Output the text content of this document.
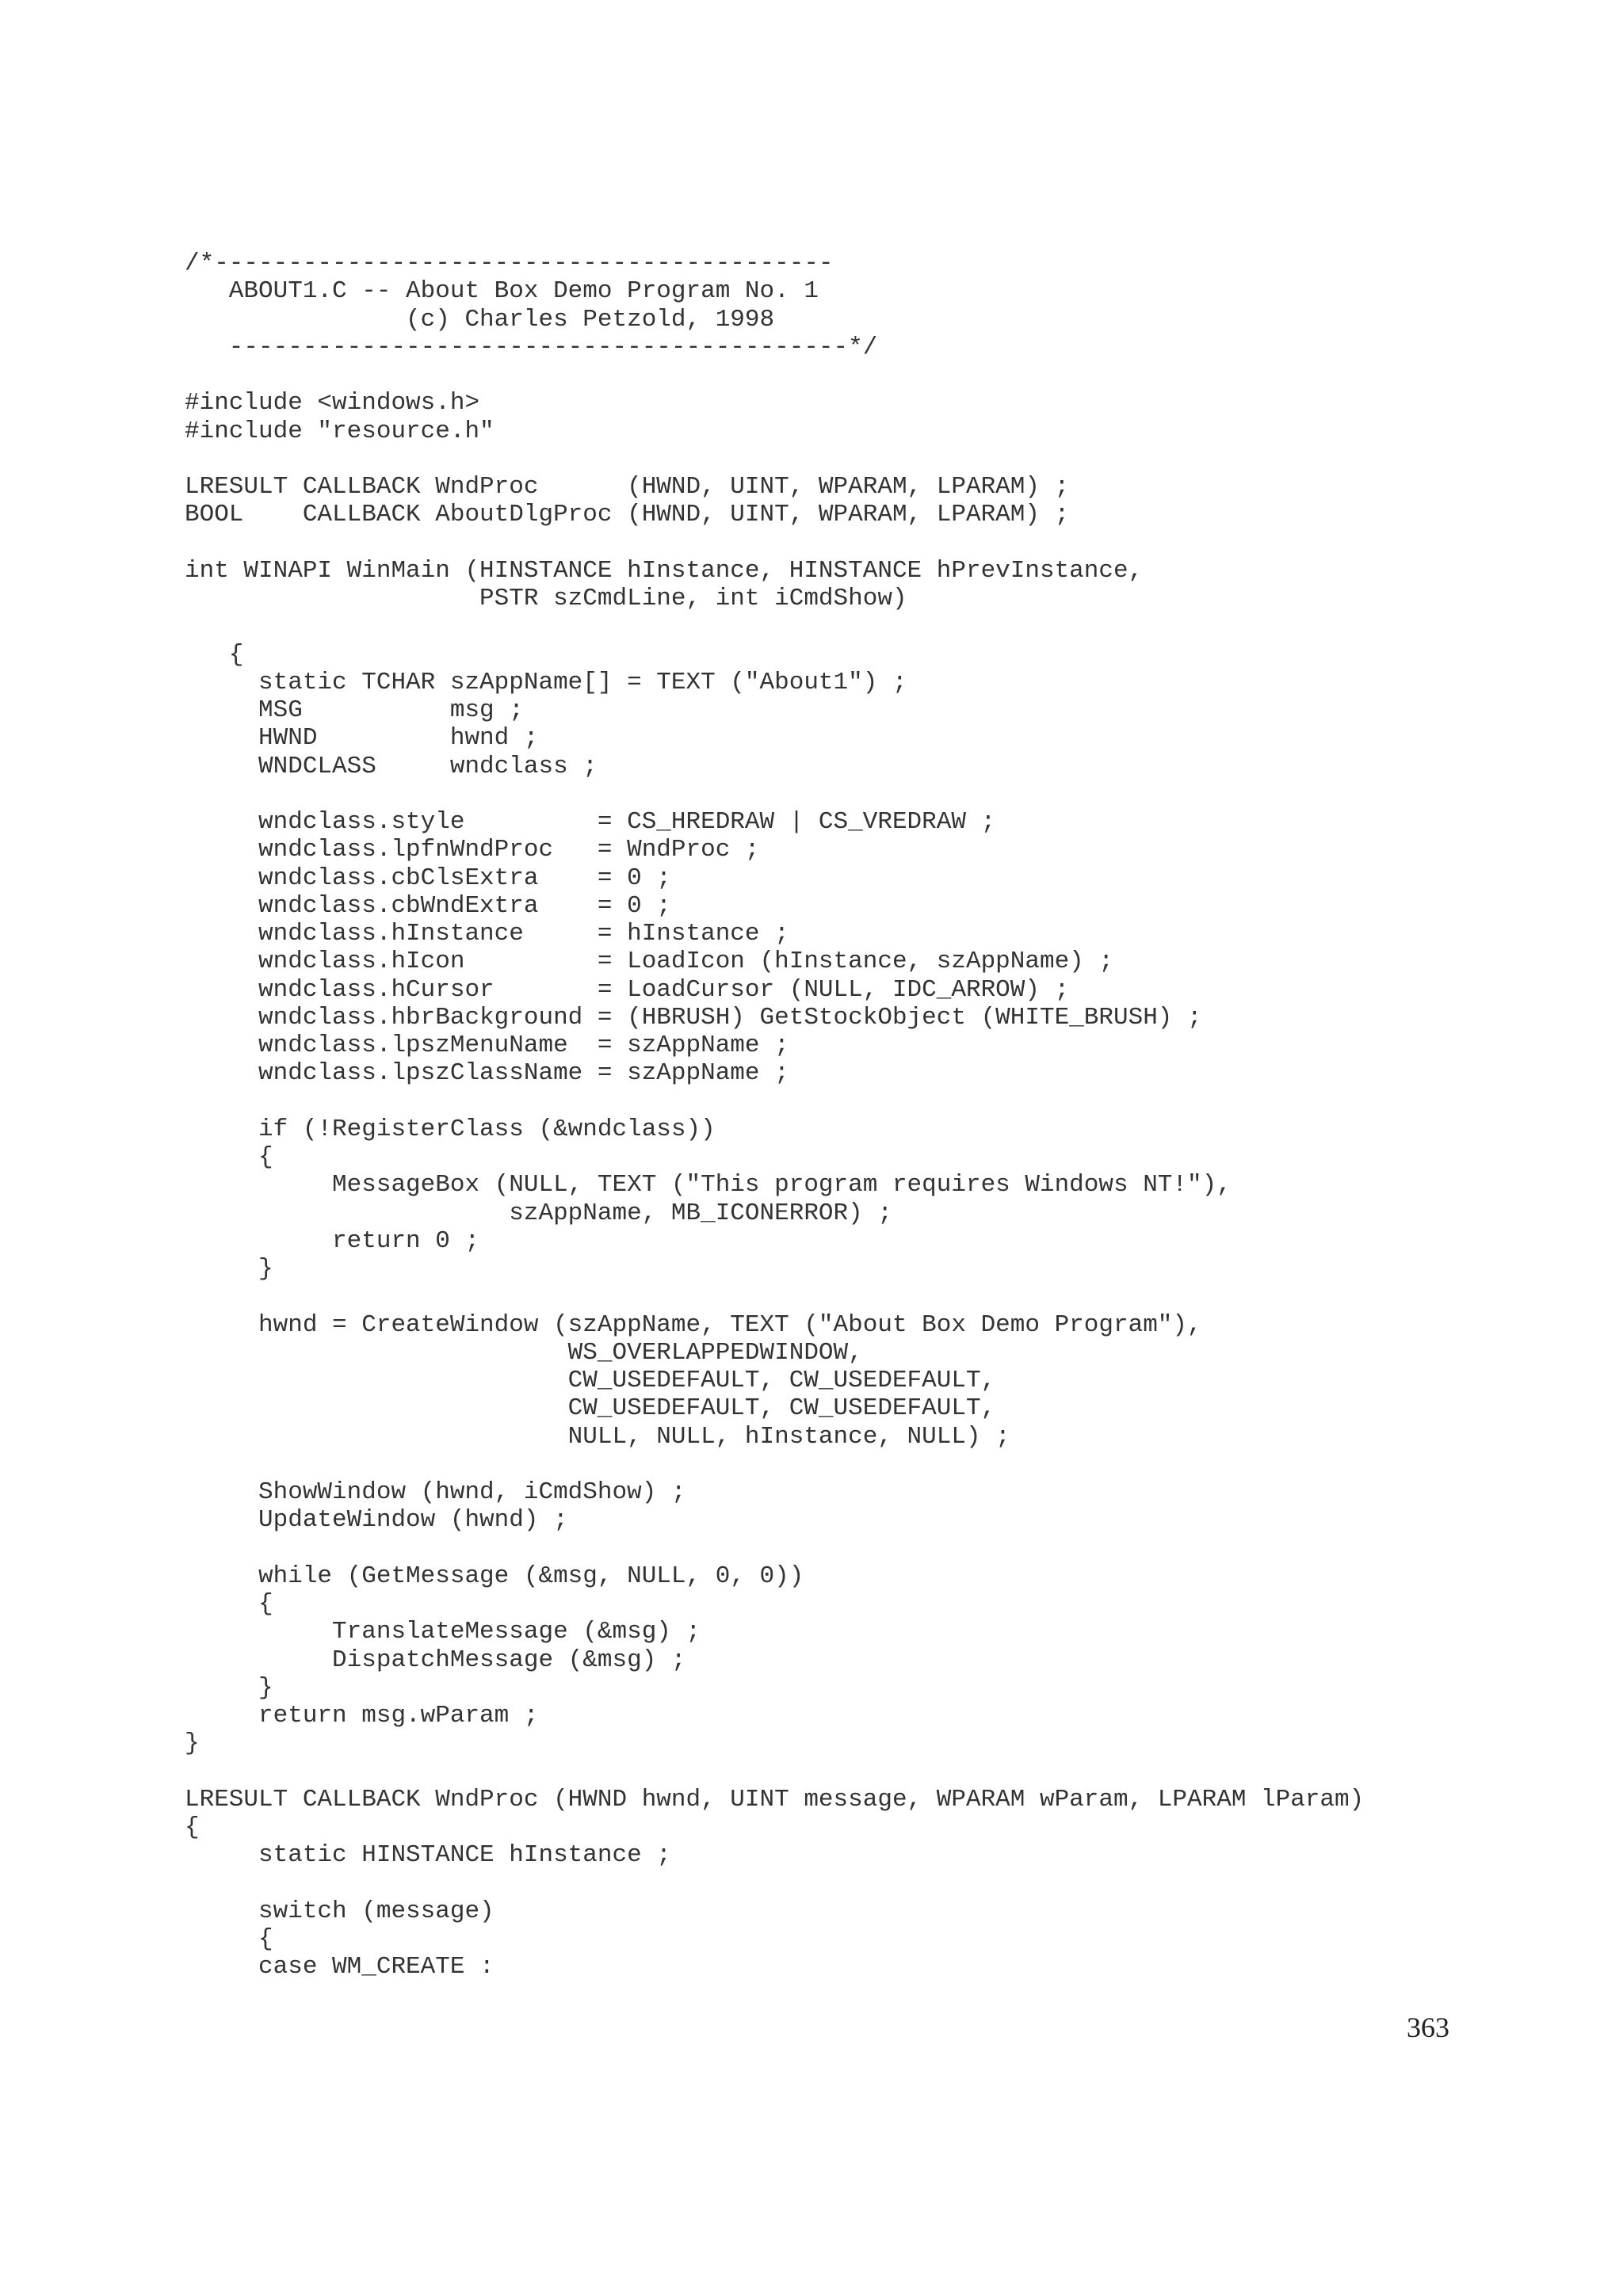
/*------------------------------------------
ABOUT1.C -- About Box Demo Program No. 1
(c) Charles Petzold, 1998
------------------------------------------*/
#include <windows.h>
#include "resource.h"
LRESULT CALLBACK WndProc      (HWND, UINT, WPARAM, LPARAM) ;
BOOL    CALLBACK AboutDlgProc (HWND, UINT, WPARAM, LPARAM) ;
int WINAPI WinMain (HINSTANCE hInstance, HINSTANCE hPrevInstance,
PSTR szCmdLine, int iCmdShow)
{
static TCHAR szAppName[] = TEXT ("About1") ;
MSG          msg ;
HWND         hwnd ;
WNDCLASS     wndclass ;
wndclass.style         = CS_HREDRAW | CS_VREDRAW ;
wndclass.lpfnWndProc   = WndProc ;
wndclass.cbClsExtra    = 0 ;
wndclass.cbWndExtra    = 0 ;
wndclass.hInstance     = hInstance ;
wndclass.hIcon         = LoadIcon (hInstance, szAppName) ;
wndclass.hCursor       = LoadCursor (NULL, IDC_ARROW) ;
wndclass.hbrBackground = (HBRUSH) GetStockObject (WHITE_BRUSH) ;
wndclass.lpszMenuName  = szAppName ;
wndclass.lpszClassName = szAppName ;
if (!RegisterClass (&wndclass))
{
MessageBox (NULL, TEXT ("This program requires Windows NT!"),
szAppName, MB_ICONERROR) ;
return 0 ;
}
hwnd = CreateWindow (szAppName, TEXT ("About Box Demo Program"),
WS_OVERLAPPEDWINDOW,
CW_USEDEFAULT, CW_USEDEFAULT,
CW_USEDEFAULT, CW_USEDEFAULT,
NULL, NULL, hInstance, NULL) ;
ShowWindow (hwnd, iCmdShow) ;
UpdateWindow (hwnd) ;
while (GetMessage (&msg, NULL, 0, 0))
{
TranslateMessage (&msg) ;
DispatchMessage (&msg) ;
}
return msg.wParam ;
}
LRESULT CALLBACK WndProc (HWND hwnd, UINT message, WPARAM wParam, LPARAM lParam)
{
static HINSTANCE hInstance ;
switch (message)
{
case WM_CREATE :
363
